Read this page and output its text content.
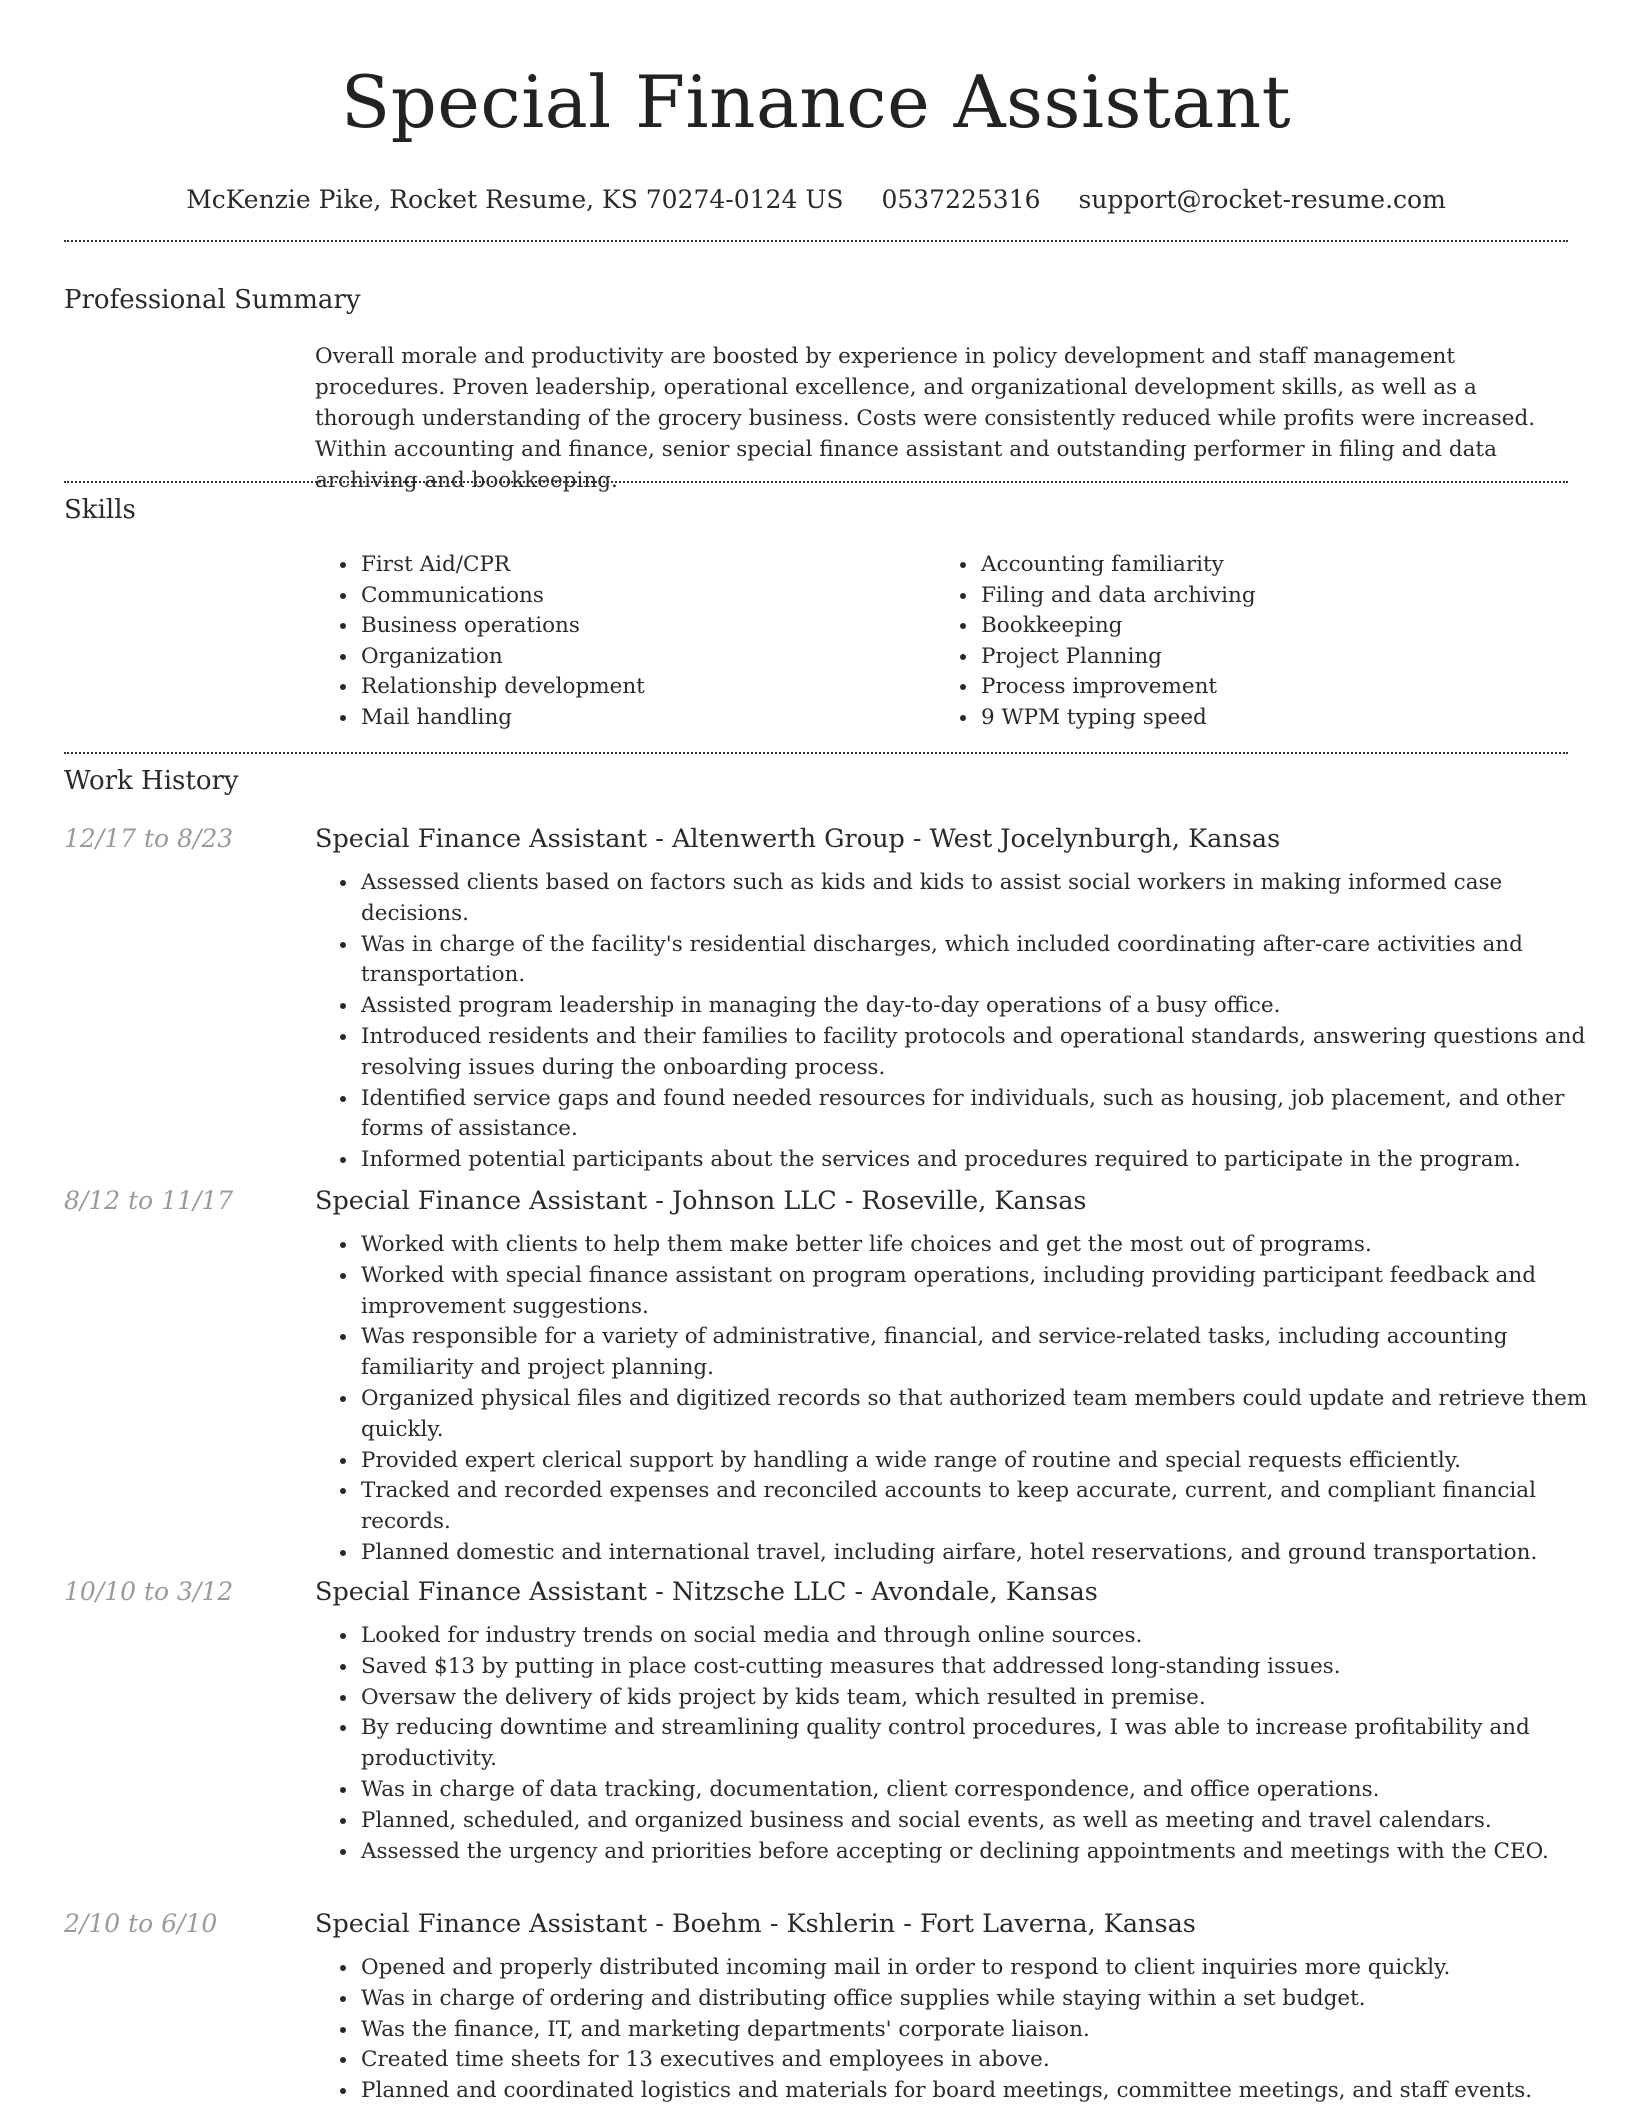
Special Finance Assistant
McKenzie Pike, Rocket Resume, KS 70274-0124 US 0537225316 support@rocket-resume.com
Professional Summary

Overall morale and productivity are boosted by experience in policy development and staff management procedures. Proven leadership, operational excellence, and organizational development skills, as well as a thorough understanding of the grocery business. Costs were consistently reduced while profits were increased. Within accounting and finance, senior special finance assistant and outstanding performer in filing and data archiving and bookkeeping.

Skills
• First Aid/CPR
• Communications
• Business operations
• Organization
• Relationship development
• Mail handling
• Accounting familiarity
• Filing and data archiving
• Bookkeeping
• Project Planning
• Process improvement
• 9 WPM typing speed
Work History
12/17 to 8/23	Special Finance Assistant - Altenwerth Group - West Jocelynburgh, Kansas
• Assessed clients based on factors such as kids and kids to assist social workers in making informed case decisions.
• Was in charge of the facility's residential discharges, which included coordinating after-care activities and transportation.
• Assisted program leadership in managing the day-to-day operations of a busy office.
• Introduced residents and their families to facility protocols and operational standards, answering questions and resolving issues during the onboarding process.
• Identified service gaps and found needed resources for individuals, such as housing, job placement, and other forms of assistance.
• Informed potential participants about the services and procedures required to participate in the program.
8/12 to 11/17	Special Finance Assistant - Johnson LLC - Roseville, Kansas
• Worked with clients to help them make better life choices and get the most out of programs.
• Worked with special finance assistant on program operations, including providing participant feedback and improvement suggestions.
• Was responsible for a variety of administrative, financial, and service-related tasks, including accounting familiarity and project planning.
• Organized physical files and digitized records so that authorized team members could update and retrieve them quickly.
• Provided expert clerical support by handling a wide range of routine and special requests efficiently.
• Tracked and recorded expenses and reconciled accounts to keep accurate, current, and compliant financial records.
• Planned domestic and international travel, including airfare, hotel reservations, and ground transportation.
10/10 to 3/12	Special Finance Assistant - Nitzsche LLC - Avondale, Kansas
• Looked for industry trends on social media and through online sources.
• Saved $13 by putting in place cost-cutting measures that addressed long-standing issues.
• Oversaw the delivery of kids project by kids team, which resulted in premise.
• By reducing downtime and streamlining quality control procedures, I was able to increase profitability and productivity.
• Was in charge of data tracking, documentation, client correspondence, and office operations.
• Planned, scheduled, and organized business and social events, as well as meeting and travel calendars.
• Assessed the urgency and priorities before accepting or declining appointments and meetings with the CEO.
2/10 to 6/10	Special Finance Assistant - Boehm - Kshlerin - Fort Laverna, Kansas
• Opened and properly distributed incoming mail in order to respond to client inquiries more quickly.
• Was in charge of ordering and distributing office supplies while staying within a set budget.
• Was the finance, IT, and marketing departments' corporate liaison.
• Created time sheets for 13 executives and employees in above.
• Planned and coordinated logistics and materials for board meetings, committee meetings, and staff events.
